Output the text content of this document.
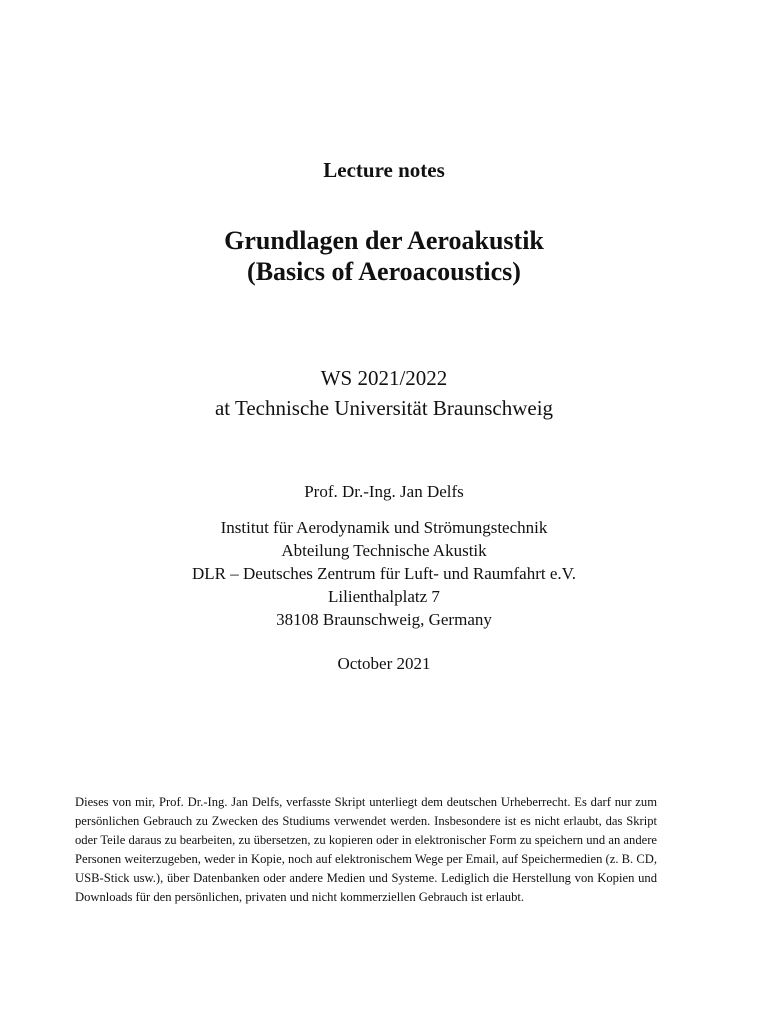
Lecture notes
Grundlagen der Aeroakustik
(Basics of Aeroacoustics)
WS 2021/2022
at Technische Universität Braunschweig
Prof. Dr.-Ing. Jan Delfs
Institut für Aerodynamik und Strömungstechnik
Abteilung Technische Akustik
DLR – Deutsches Zentrum für Luft- und Raumfahrt e.V.
Lilienthalplatz 7
38108 Braunschweig, Germany
October 2021

Dieses von mir, Prof. Dr.-Ing. Jan Delfs, verfasste Skript unterliegt dem deutschen Urheberrecht. Es darf nur zum persönlichen Gebrauch zu Zwecken des Studiums verwendet werden. Insbesondere ist es nicht erlaubt, das Skript oder Teile daraus zu bearbeiten, zu übersetzen, zu kopieren oder in elektronischer Form zu speichern und an andere Personen weiterzugeben, weder in Kopie, noch auf elektronischem Wege per Email, auf Speichermedien (z. B. CD, USB-Stick usw.), über Datenbanken oder andere Medien und Systeme. Lediglich die Herstellung von Kopien und Downloads für den persönlichen, privaten und nicht kommerziellen Gebrauch ist erlaubt.
